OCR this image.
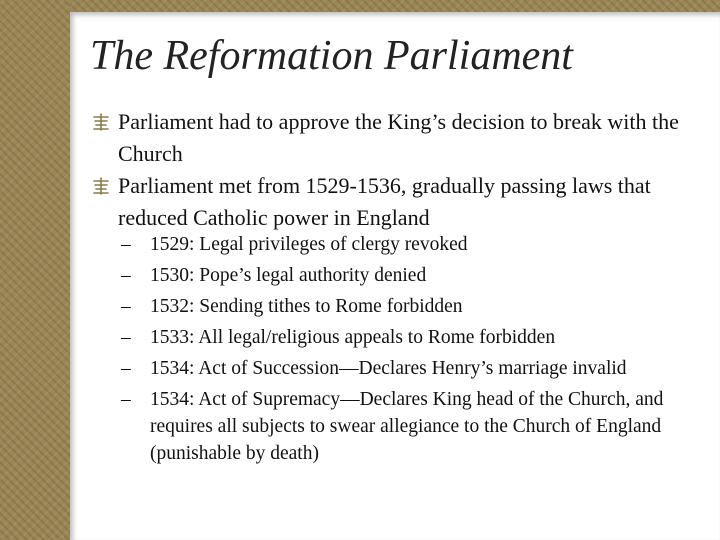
The Reformation Parliament
Parliament had to approve the King’s decision to break with the Church
Parliament met from 1529-1536, gradually passing laws that reduced Catholic power in England
– 1529: Legal privileges of clergy revoked
– 1530: Pope’s legal authority denied
– 1532: Sending tithes to Rome forbidden
– 1533: All legal/religious appeals to Rome forbidden
– 1534: Act of Succession—Declares Henry’s marriage invalid
– 1534: Act of Supremacy—Declares King head of the Church, and requires all subjects to swear allegiance to the Church of England (punishable by death)
